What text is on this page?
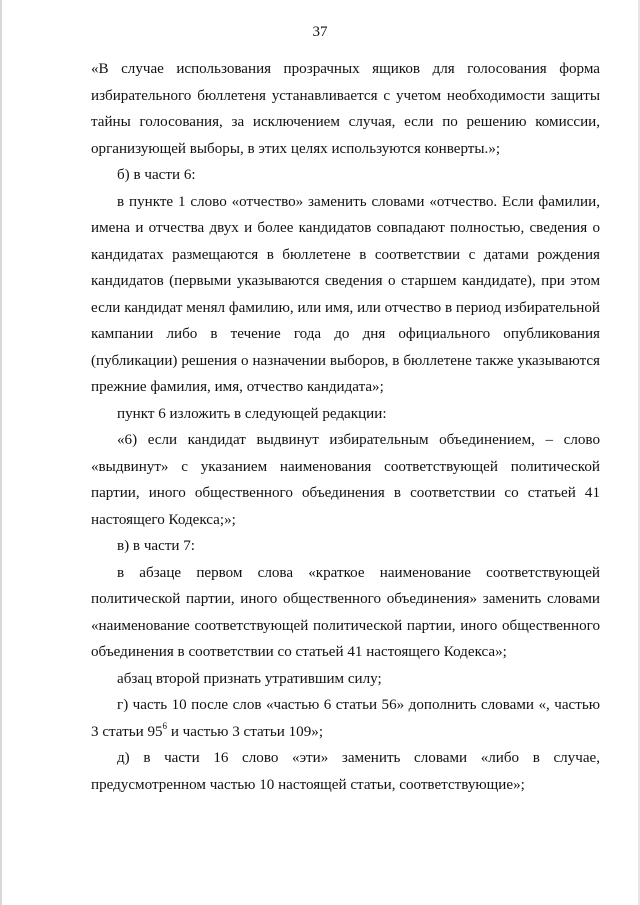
37

«В случае использования прозрачных ящиков для голосования форма избирательного бюллетеня устанавливается с учетом необходимости защиты тайны голосования, за исключением случая, если по решению комиссии, организующей выборы, в этих целях используются конверты.»;

б) в части 6:

в пункте 1 слово «отчество» заменить словами «отчество. Если фамилии, имена и отчества двух и более кандидатов совпадают полностью, сведения о кандидатах размещаются в бюллетене в соответствии с датами рождения кандидатов (первыми указываются сведения о старшем кандидате), при этом если кандидат менял фамилию, или имя, или отчество в период избирательной кампании либо в течение года до дня официального опубликования (публикации) решения о назначении выборов, в бюллетене также указываются прежние фамилия, имя, отчество кандидата»;

пункт 6 изложить в следующей редакции:

«6) если кандидат выдвинут избирательным объединением, – слово «выдвинут» с указанием наименования соответствующей политической партии, иного общественного объединения в соответствии со статьей 41 настоящего Кодекса;»;

в) в части 7:

в абзаце первом слова «краткое наименование соответствующей политической партии, иного общественного объединения» заменить словами «наименование соответствующей политической партии, иного общественного объединения в соответствии со статьей 41 настоящего Кодекса»;

абзац второй признать утратившим силу;

г) часть 10 после слов «частью 6 статьи 56» дополнить словами «, частью 3 статьи $95^6$ и частью 3 статьи 109»;

д) в части 16 слово «эти» заменить словами «либо в случае, предусмотренном частью 10 настоящей статьи, соответствующие»;
